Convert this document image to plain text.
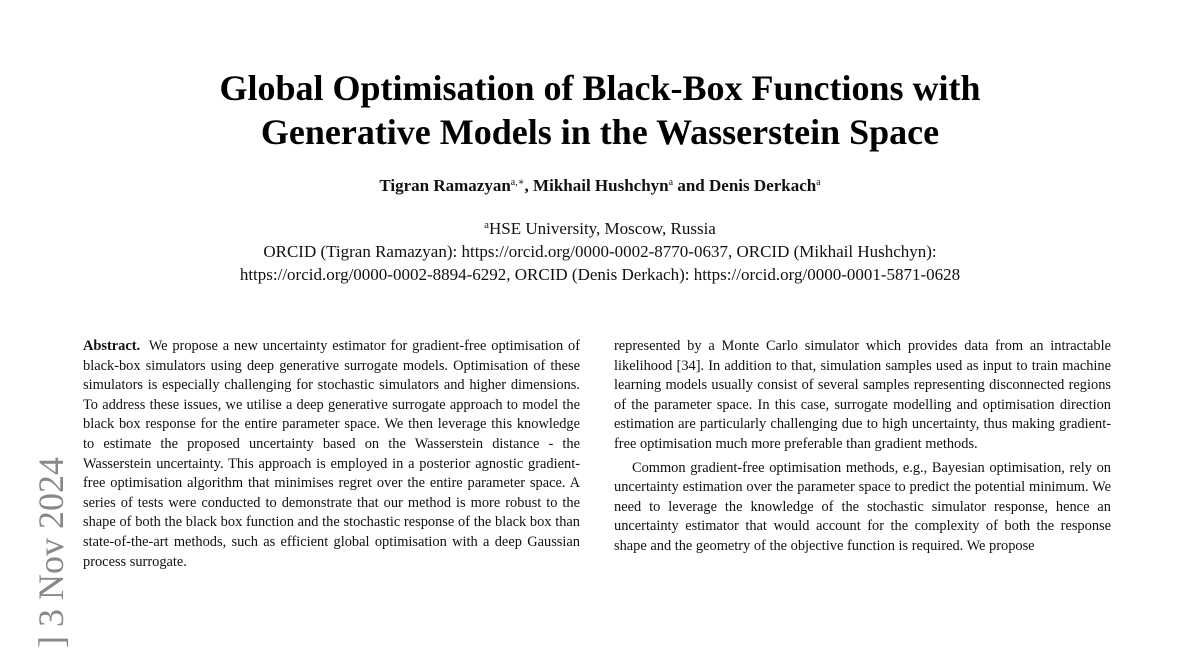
Global Optimisation of Black-Box Functions with
Generative Models in the Wasserstein Space
Tigran Ramazyan$^{a,∗}$, Mikhail Hushchyn$^a$ and Denis Derkach$^a$
$^a$HSE University, Moscow, Russia
ORCID (Tigran Ramazyan): https://orcid.org/0000-0002-8770-0637, ORCID (Mikhail Hushchyn):
https://orcid.org/0000-0002-8894-6292, ORCID (Denis Derkach): https://orcid.org/0000-0001-5871-0628
] 3 Nov 2024

Abstract. We propose a new uncertainty estimator for gradient-free optimisation of black-box simulators using deep generative surrogate models. Optimisation of these simulators is especially challenging for stochastic simulators and higher dimensions. To address these issues, we utilise a deep generative surrogate approach to model the black box response for the entire parameter space. We then leverage this knowledge to estimate the proposed uncertainty based on the Wasserstein distance - the Wasserstein uncertainty. This approach is employed in a posterior agnostic gradient-free optimisation algorithm that minimises regret over the entire parameter space. A series of tests were conducted to demonstrate that our method is more robust to the shape of both the black box function and the stochastic response of the black box than state-of-the-art methods, such as efficient global optimisation with a deep Gaussian process surrogate.

represented by a Monte Carlo simulator which provides data from an intractable likelihood [34]. In addition to that, simulation samples used as input to train machine learning models usually consist of several samples representing disconnected regions of the parameter space. In this case, surrogate modelling and optimisation direction estimation are particularly challenging due to high uncertainty, thus making gradient-free optimisation much more preferable than gradient methods.

Common gradient-free optimisation methods, e.g., Bayesian optimisation, rely on uncertainty estimation over the parameter space to predict the potential minimum. We need to leverage the knowledge of the stochastic simulator response, hence an uncertainty estimator that would account for the complexity of both the response shape and the geometry of the objective function is required. We propose
